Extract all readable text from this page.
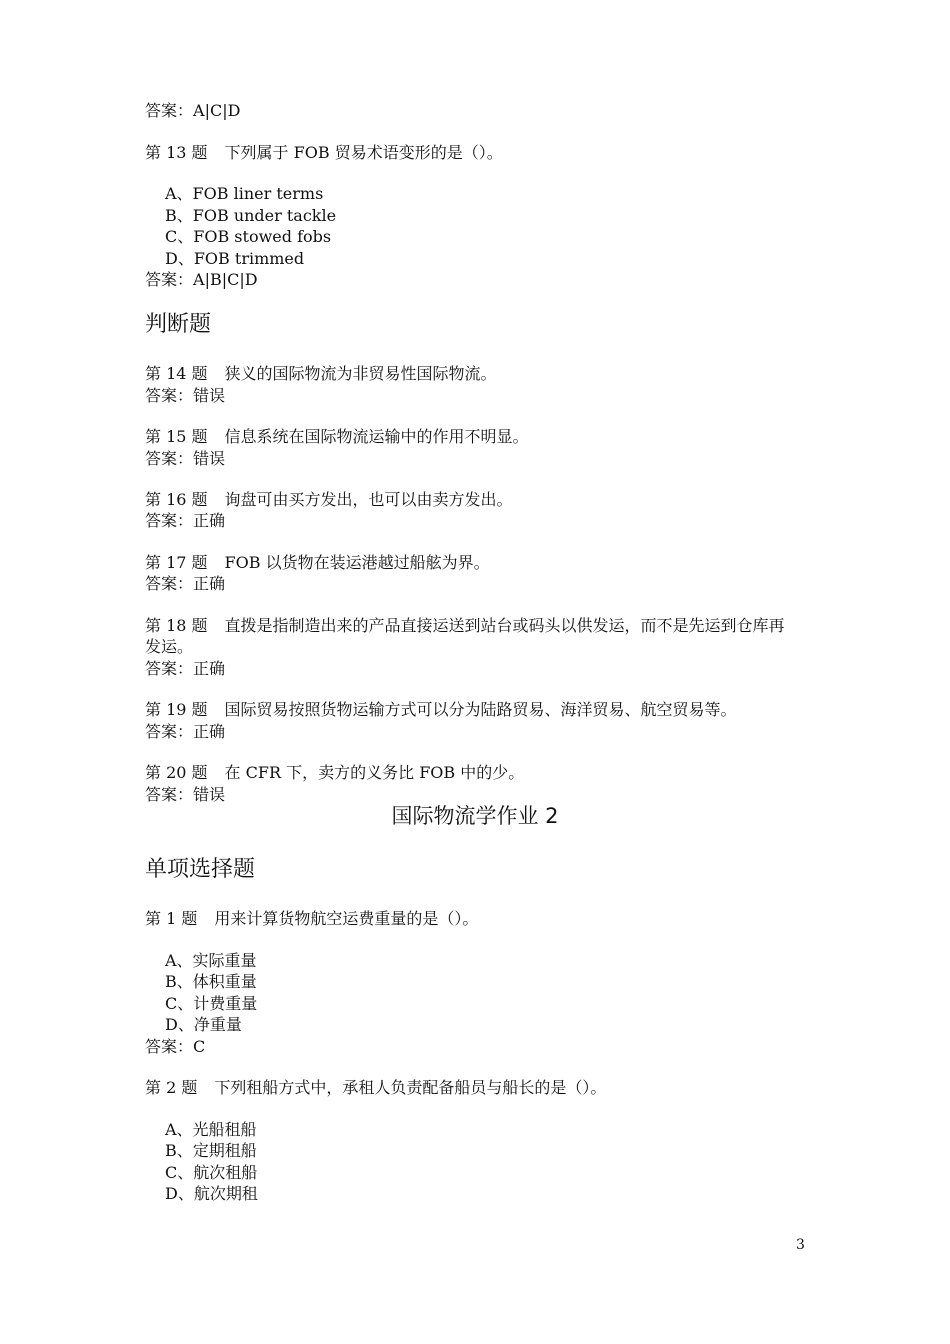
答案：A|C|D
第 13 题 下列属于 FOB 贸易术语变形的是（）。
A、FOB liner terms
B、FOB under tackle
C、FOB stowed fobs
D、FOB trimmed
答案：A|B|C|D
判断题
第 14 题 狭义的国际物流为非贸易性国际物流。
答案：错误
第 15 题 信息系统在国际物流运输中的作用不明显。
答案：错误
第 16 题 询盘可由买方发出，也可以由卖方发出。
答案：正确
第 17 题 FOB 以货物在装运港越过船舷为界。
答案：正确
第 18 题 直拨是指制造出来的产品直接运送到站台或码头以供发运，而不是先运到仓库再
发运。
答案：正确
第 19 题 国际贸易按照货物运输方式可以分为陆路贸易、海洋贸易、航空贸易等。
答案：正确
第 20 题 在 CFR 下，卖方的义务比 FOB 中的少。
答案：错误
国际物流学作业 2
单项选择题
第 1 题 用来计算货物航空运费重量的是（）。
A、实际重量
B、体积重量
C、计费重量
D、净重量
答案：C
第 2 题 下列租船方式中，承租人负责配备船员与船长的是（）。
A、光船租船
B、定期租船
C、航次租船
D、航次期租
3
